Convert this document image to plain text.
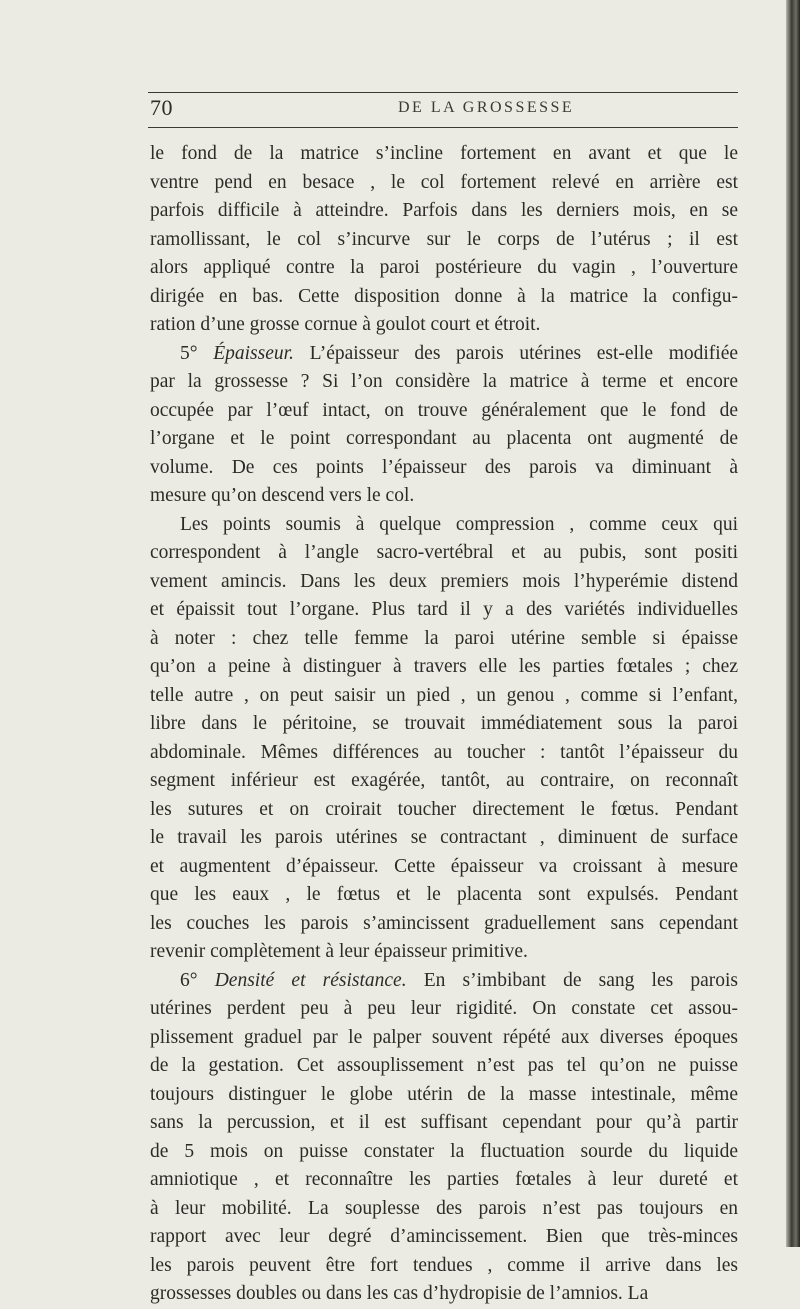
70	DE LA GROSSESSE
le fond de la matrice s’incline fortement en avant et que le
ventre pend en besace , le col fortement relevé en arrière est
parfois difficile à atteindre. Parfois dans les derniers mois, en se
ramollissant, le col s’incurve sur le corps de l’utérus ; il est
alors appliqué contre la paroi postérieure du vagin , l’ouverture
dirigée en bas. Cette disposition donne à la matrice la configu-
ration d’une grosse cornue à goulot court et étroit.
5° Épaisseur. L’épaisseur des parois utérines est-elle modifiée
par la grossesse ? Si l’on considère la matrice à terme et encore
occupée par l’œuf intact, on trouve généralement que le fond de
l’organe et le point correspondant au placenta ont augmenté de
volume. De ces points l’épaisseur des parois va diminuant à
mesure qu’on descend vers le col.
Les points soumis à quelque compression , comme ceux qui
correspondent à l’angle sacro-vertébral et au pubis, sont positi
vement amincis. Dans les deux premiers mois l’hyperémie distend
et épaissit tout l’organe. Plus tard il y a des variétés individuelles
à noter : chez telle femme la paroi utérine semble si épaisse
qu’on a peine à distinguer à travers elle les parties fœtales ; chez
telle autre , on peut saisir un pied , un genou , comme si l’enfant,
libre dans le péritoine, se trouvait immédiatement sous la paroi
abdominale. Mêmes différences au toucher : tantôt l’épaisseur du
segment inférieur est exagérée, tantôt, au contraire, on reconnaît
les sutures et on croirait toucher directement le fœtus. Pendant
le travail les parois utérines se contractant , diminuent de surface
et augmentent d’épaisseur. Cette épaisseur va croissant à mesure
que les eaux , le fœtus et le placenta sont expulsés. Pendant
les couches les parois s’amincissent graduellement sans cependant
revenir complètement à leur épaisseur primitive.
6° Densité et résistance. En s’imbibant de sang les parois
utérines perdent peu à peu leur rigidité. On constate cet assou-
plissement graduel par le palper souvent répété aux diverses époques
de la gestation. Cet assouplissement n’est pas tel qu’on ne puisse
toujours distinguer le globe utérin de la masse intestinale, même
sans la percussion, et il est suffisant cependant pour qu’à partir
de 5 mois on puisse constater la fluctuation sourde du liquide
amniotique , et reconnaître les parties fœtales à leur dureté et
à leur mobilité. La souplesse des parois n’est pas toujours en
rapport avec leur degré d’amincissement. Bien que très-minces
les parois peuvent être fort tendues , comme il arrive dans les
grossesses doubles ou dans les cas d’hydropisie de l’amnios. La
